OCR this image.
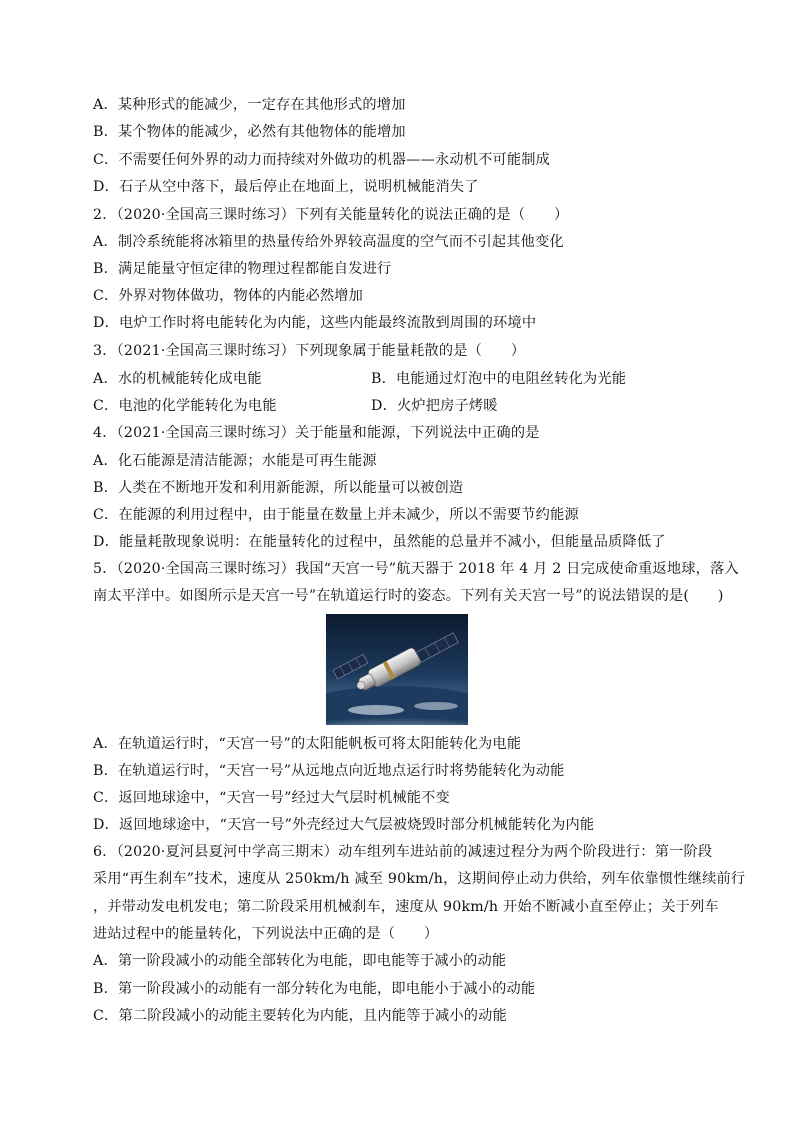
A．某种形式的能减少，一定存在其他形式的增加
B．某个物体的能减少，必然有其他物体的能增加
C．不需要任何外界的动力而持续对外做功的机器——永动机不可能制成
D．石子从空中落下，最后停止在地面上，说明机械能消失了
2．（2020·全国高三课时练习）下列有关能量转化的说法正确的是（　　）
A．制冷系统能将冰箱里的热量传给外界较高温度的空气而不引起其他变化
B．满足能量守恒定律的物理过程都能自发进行
C．外界对物体做功，物体的内能必然增加
D．电炉工作时将电能转化为内能，这些内能最终流散到周围的环境中
3．（2021·全国高三课时练习）下列现象属于能量耗散的是（　　）
A．水的机械能转化成电能	B．电能通过灯泡中的电阻丝转化为光能
C．电池的化学能转化为电能	D．火炉把房子烤暖
4．（2021·全国高三课时练习）关于能量和能源，下列说法中正确的是
A．化石能源是清洁能源；水能是可再生能源
B．人类在不断地开发和利用新能源，所以能量可以被创造
C．在能源的利用过程中，由于能量在数量上并未减少，所以不需要节约能源
D．能量耗散现象说明：在能量转化的过程中，虽然能的总量并不减小，但能量品质降低了
5．（2020·全国高三课时练习）我国“天宫一号”航天器于 2018 年 4 月 2 日完成使命重返地球，落入
南太平洋中。如图所示是天宫一号”在轨道运行时的姿态。下列有关天宫一号”的说法错误的是(　　)
A．在轨道运行时，“天宫一号”的太阳能帆板可将太阳能转化为电能
B．在轨道运行时，“天宫一号”从远地点向近地点运行时将势能转化为动能
C．返回地球途中，“天宫一号”经过大气层时机械能不变
D．返回地球途中，“天宫一号”外壳经过大气层被烧毁时部分机械能转化为内能
6．（2020·夏河县夏河中学高三期末）动车组列车进站前的减速过程分为两个阶段进行：第一阶段
采用“再生刹车”技术，速度从 250km/h 减至 90km/h，这期间停止动力供给，列车依靠惯性继续前行
，并带动发电机发电；第二阶段采用机械刹车，速度从 90km/h 开始不断减小直至停止；关于列车
进站过程中的能量转化，下列说法中正确的是（　　）
A．第一阶段减小的动能全部转化为电能，即电能等于减小的动能
B．第一阶段减小的动能有一部分转化为电能，即电能小于减小的动能
C．第二阶段减小的动能主要转化为内能，且内能等于减小的动能
